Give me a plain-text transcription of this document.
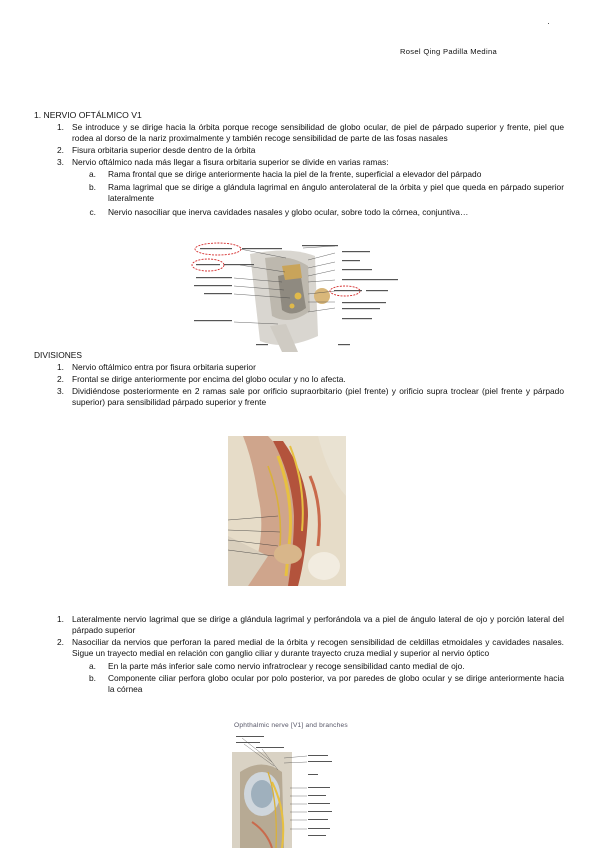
Rosel Qing Padilla Medina
1. NERVIO OFTÁLMICO V1
1. Se introduce y se dirige hacia la órbita porque recoge sensibilidad de globo ocular, de piel de párpado superior y frente, piel que rodea al dorso de la nariz proximalmente y también recoge sensibilidad de parte de las fosas nasales
2. Fisura orbitaria superior desde dentro de la órbita
3. Nervio oftálmico nada más llegar a fisura orbitaria superior se divide en varias ramas:
a. Rama frontal que se dirige anteriormente hacia la piel de la frente, superficial a elevador del párpado
b. Rama lagrimal que se dirige a glándula lagrimal en ángulo anterolateral de la órbita y piel que queda en párpado superior lateralmente
c. Nervio nasociliar que inerva cavidades nasales y globo ocular, sobre todo la córnea, conjuntiva…
DIVISIONES
1. Nervio oftálmico entra por fisura orbitaria superior
2. Frontal se dirige anteriormente por encima del globo ocular y no lo afecta.
3. Dividiéndose posteriormente en 2 ramas sale por orificio supraorbitario (piel frente) y orificio supra troclear (piel frente y párpado superior) para sensibilidad párpado superior y frente
1. Lateralmente nervio lagrimal que se dirige a glándula lagrimal y perforándola va a piel de ángulo lateral de ojo y porción lateral del párpado superior
2. Nasociliar da nervios que perforan la pared medial de la órbita y recogen sensibilidad de celdillas etmoidales y cavidades nasales. Sigue un trayecto medial en relación con ganglio ciliar y durante trayecto cruza medial y superior al nervio óptico
a. En la parte más inferior sale como nervio infratroclear y recoge sensibilidad canto medial de ojo.
b. Componente ciliar perfora globo ocular por polo posterior, va por paredes de globo ocular y se dirige anteriormente hacia la córnea
Ophthalmic nerve [V1] and branches
